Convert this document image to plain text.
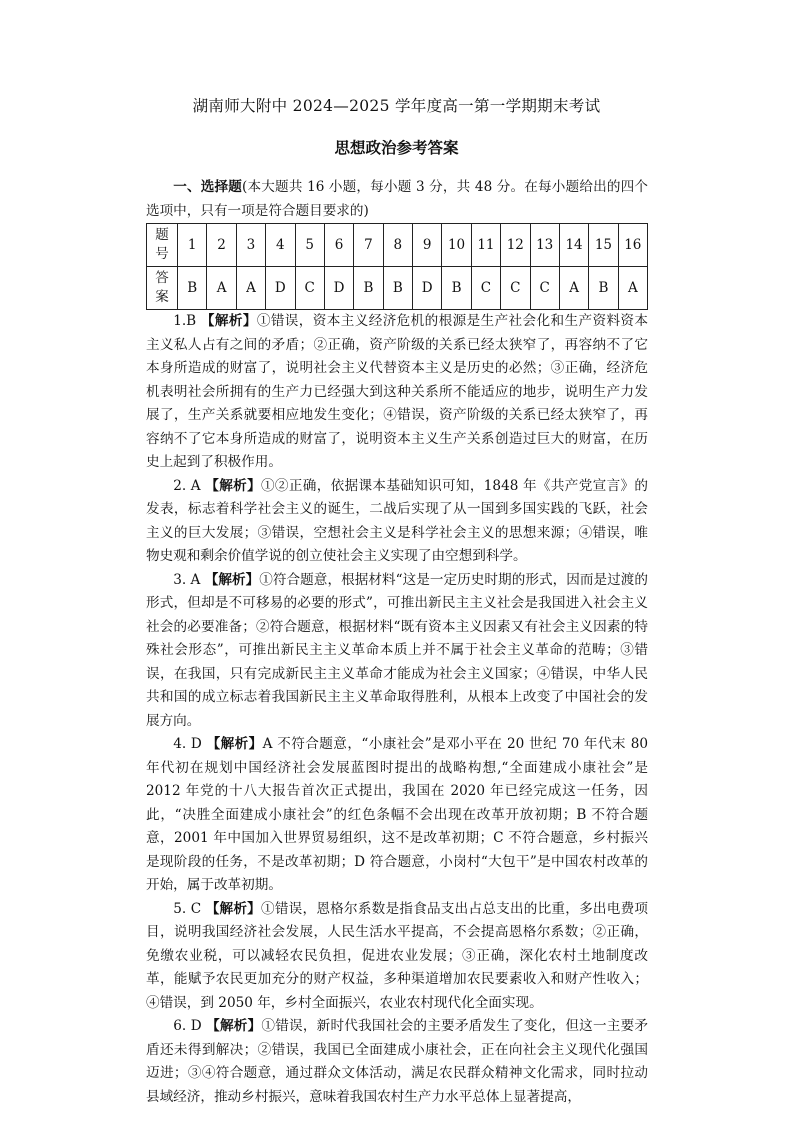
湖南师大附中 2024—2025 学年度高一第一学期期末考试
思想政治参考答案

一、选择题(本大题共 16 小题，每小题 3 分，共 48 分。在每小题给出的四个选项中，只有一项是符合题目要求的)

题
号	1	2	3	4	5	6	7	8	9	10	11	12	13	14	15	16

答
案	B	A	A	D	C	D	B	B	D	B	C	C	C	A	B	A

1.B 【解析】①错误，资本主义经济危机的根源是生产社会化和生产资料资本主义私人占有之间的矛盾；②正确，资产阶级的关系已经太狭窄了，再容纳不了它本身所造成的财富了，说明社会主义代替资本主义是历史的必然；③正确，经济危机表明社会所拥有的生产力已经强大到这种关系所不能适应的地步，说明生产力发展了，生产关系就要相应地发生变化；④错误，资产阶级的关系已经太狭窄了，再容纳不了它本身所造成的财富了，说明资本主义生产关系创造过巨大的财富，在历史上起到了积极作用。

2. A 【解析】①②正确，依据课本基础知识可知，1848 年《共产党宣言》的发表，标志着科学社会主义的诞生，二战后实现了从一国到多国实践的飞跃，社会主义的巨大发展；③错误，空想社会主义是科学社会主义的思想来源；④错误，唯物史观和剩余价值学说的创立使社会主义实现了由空想到科学。

3. A 【解析】①符合题意，根据材料“这是一定历史时期的形式，因而是过渡的形式，但却是不可移易的必要的形式”，可推出新民主主义社会是我国进入社会主义社会的必要准备；②符合题意，根据材料“既有资本主义因素又有社会主义因素的特殊社会形态”，可推出新民主主义革命本质上并不属于社会主义革命的范畴；③错误，在我国，只有完成新民主主义革命才能成为社会主义国家；④错误，中华人民共和国的成立标志着我国新民主主义革命取得胜利，从根本上改变了中国社会的发展方向。

4. D 【解析】A 不符合题意，“小康社会”是邓小平在 20 世纪 70 年代末 80 年代初在规划中国经济社会发展蓝图时提出的战略构想,“全面建成小康社会”是 2012 年党的十八大报告首次正式提出，我国在 2020 年已经完成这一任务，因此，“决胜全面建成小康社会”的红色条幅不会出现在改革开放初期；B 不符合题意，2001 年中国加入世界贸易组织，这不是改革初期；C 不符合题意，乡村振兴是现阶段的任务，不是改革初期；D 符合题意，小岗村“大包干”是中国农村改革的开始，属于改革初期。

5. C 【解析】①错误，恩格尔系数是指食品支出占总支出的比重，多出电费项目，说明我国经济社会发展，人民生活水平提高，不会提高恩格尔系数；②正确，免缴农业税，可以减轻农民负担，促进农业发展；③正确，深化农村土地制度改革，能赋予农民更加充分的财产权益，多种渠道增加农民要素收入和财产性收入；④错误，到 2050 年，乡村全面振兴，农业农村现代化全面实现。

6. D 【解析】①错误，新时代我国社会的主要矛盾发生了变化，但这一主要矛盾还未得到解决；②错误，我国已全面建成小康社会，正在向社会主义现代化强国迈进；③④符合题意，通过群众文体活动，满足农民群众精神文化需求，同时拉动县域经济，推动乡村振兴，意味着我国农村生产力水平总体上显著提高，
